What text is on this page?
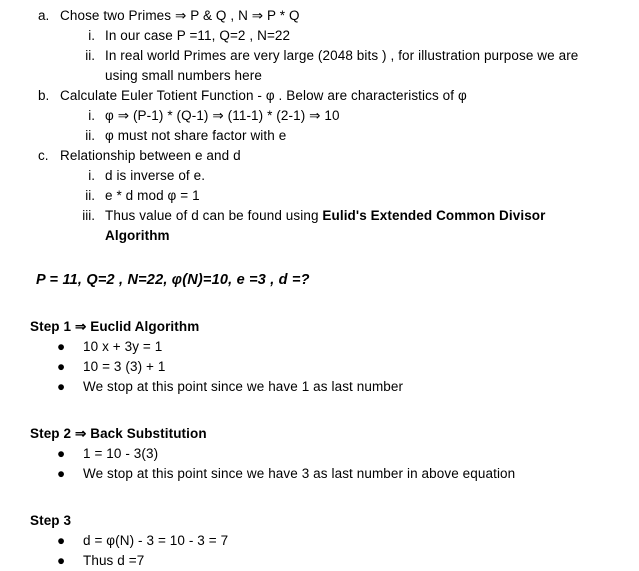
a. Chose two Primes ⇒ P & Q , N ⇒ P * Q
i. In our case P =11, Q=2 , N=22
ii. In real world Primes are very large (2048 bits ) , for illustration purpose we are using small numbers here
b. Calculate Euler Totient Function - φ . Below are characteristics of φ
i. φ ⇒ (P-1) * (Q-1) ⇒ (11-1) * (2-1) ⇒ 10
ii. φ must not share factor with e
c. Relationship between e and d
i. d is inverse of e.
ii. e * d mod φ = 1
iii. Thus value of d can be found using Eulid's Extended Common Divisor Algorithm

P = 11, Q=2 , N=22, φ(N)=10, e =3 , d =?

Step 1 ⇒ Euclid Algorithm

● 10 x + 3y = 1
● 10 = 3 (3) + 1
● We stop at this point since we have 1 as last number

Step 2 ⇒ Back Substitution

● 1 = 10 - 3(3)
● We stop at this point since we have 3 as last number in above equation

Step 3

● d = φ(N) - 3 = 10 - 3 = 7
● Thus d =7
